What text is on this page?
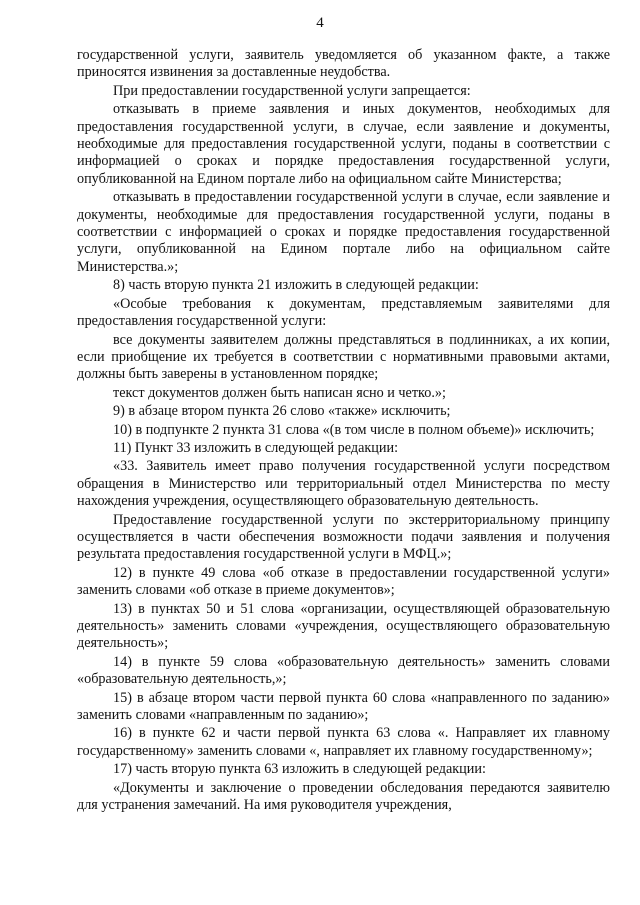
4

государственной услуги, заявитель уведомляется об указанном факте, а также приносятся извинения за доставленные неудобства.

При предоставлении государственной услуги запрещается:

отказывать в приеме заявления и иных документов, необходимых для предоставления государственной услуги, в случае, если заявление и документы, необходимые для предоставления государственной услуги, поданы в соответствии с информацией о сроках и порядке предоставления государственной услуги, опубликованной на Едином портале либо на официальном сайте Министерства;

отказывать в предоставлении государственной услуги в случае, если заявление и документы, необходимые для предоставления государственной услуги, поданы в соответствии с информацией о сроках и порядке предоставления государственной услуги, опубликованной на Едином портале либо на официальном сайте Министерства.»;

8) часть вторую пункта 21 изложить в следующей редакции:

«Особые требования к документам, представляемым заявителями для предоставления государственной услуги:

все документы заявителем должны представляться в подлинниках, а их копии, если приобщение их требуется в соответствии с нормативными правовыми актами, должны быть заверены в установленном порядке;

текст документов должен быть написан ясно и четко.»;

9) в абзаце втором пункта 26 слово «также» исключить;

10) в подпункте 2 пункта 31 слова «(в том числе в полном объеме)» исключить;

11) Пункт 33 изложить в следующей редакции:

«33. Заявитель имеет право получения государственной услуги посредством обращения в Министерство или территориальный отдел Министерства по месту нахождения учреждения, осуществляющего образовательную деятельность.

Предоставление государственной услуги по экстерриториальному принципу осуществляется в части обеспечения возможности подачи заявления и получения результата предоставления государственной услуги в МФЦ.»;

12) в пункте 49 слова «об отказе в предоставлении государственной услуги» заменить словами «об отказе в приеме документов»;

13) в пунктах 50 и 51 слова «организации, осуществляющей образовательную деятельность» заменить словами «учреждения, осуществляющего образовательную деятельность»;

14) в пункте 59 слова «образовательную деятельность» заменить словами «образовательную деятельность,»;

15) в абзаце втором части первой пункта 60 слова «направленного по заданию» заменить словами «направленным по заданию»;

16) в пункте 62 и части первой пункта 63 слова «. Направляет их главному государственному» заменить словами «, направляет их главному государственному»;

17) часть вторую пункта 63 изложить в следующей редакции:

«Документы и заключение о проведении обследования передаются заявителю для устранения замечаний. На имя руководителя учреждения,
